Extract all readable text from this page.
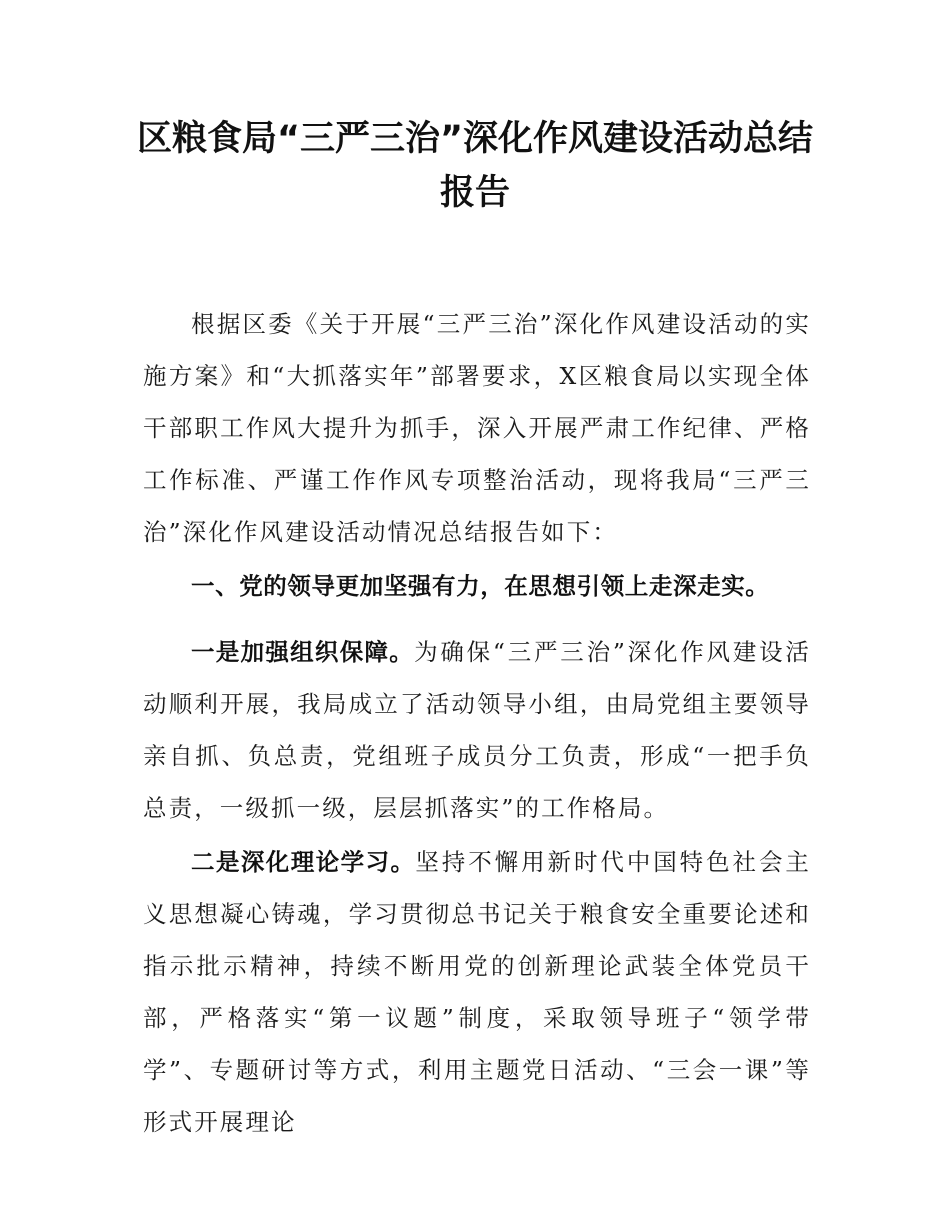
区粮食局“三严三治”深化作风建设活动总结报告

根据区委《关于开展“三严三治”深化作风建设活动的实施方案》和“大抓落实年”部署要求，X区粮食局以实现全体干部职工作风大提升为抓手，深入开展严肃工作纪律、严格工作标准、严谨工作作风专项整治活动，现将我局“三严三治”深化作风建设活动情况总结报告如下：

一、党的领导更加坚强有力，在思想引领上走深走实。

一是加强组织保障。为确保“三严三治”深化作风建设活动顺利开展，我局成立了活动领导小组，由局党组主要领导亲自抓、负总责，党组班子成员分工负责，形成“一把手负总责，一级抓一级，层层抓落实”的工作格局。

二是深化理论学习。坚持不懈用新时代中国特色社会主义思想凝心铸魂，学习贯彻总书记关于粮食安全重要论述和指示批示精神，持续不断用党的创新理论武装全体党员干部，严格落实“第一议题”制度，采取领导班子“领学带学”、专题研讨等方式，利用主题党日活动、“三会一课”等形式开展理论
